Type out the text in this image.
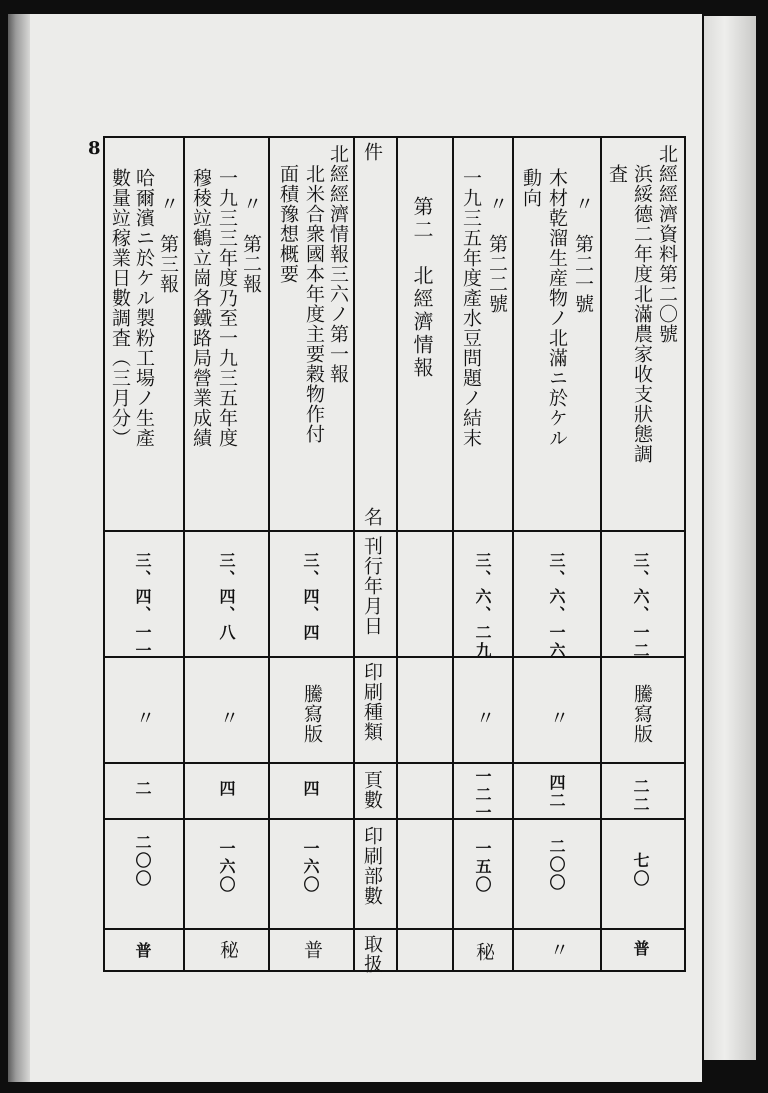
8	件
名
刊行年月日
印刷種類
頁數
印刷部數
取扱
第二　北經濟情報	北經經濟資料第二〇號
浜綏德二年度北滿農家收支狀態調
査
三、六、一二
騰寫版
二二
七〇
普
〃　第二一號
木材乾溜生産物ノ北滿ニ於ケル
動向
三、六、一六
〃
四二
二〇〇
〃
〃　第二二號
一九三五年度產水豆問題ノ結末
三、六、二九
〃
一二一
一五〇
秘
北經經濟情報三六ノ第一報
北米合衆國本年度主要穀物作付
面積豫想概要
三、四、四
騰寫版
四
一六〇
普
〃　第二報
一九三三年度乃至一九三五年度
穆稜竝鶴立崗各鐵路局營業成績
三、四、八
〃
四
一六〇
秘
〃　第三報
哈爾濱ニ於ケル製粉工場ノ生產
數量竝稼業日數調査（三月分）
三、四、一一
〃
二
二〇〇
普
